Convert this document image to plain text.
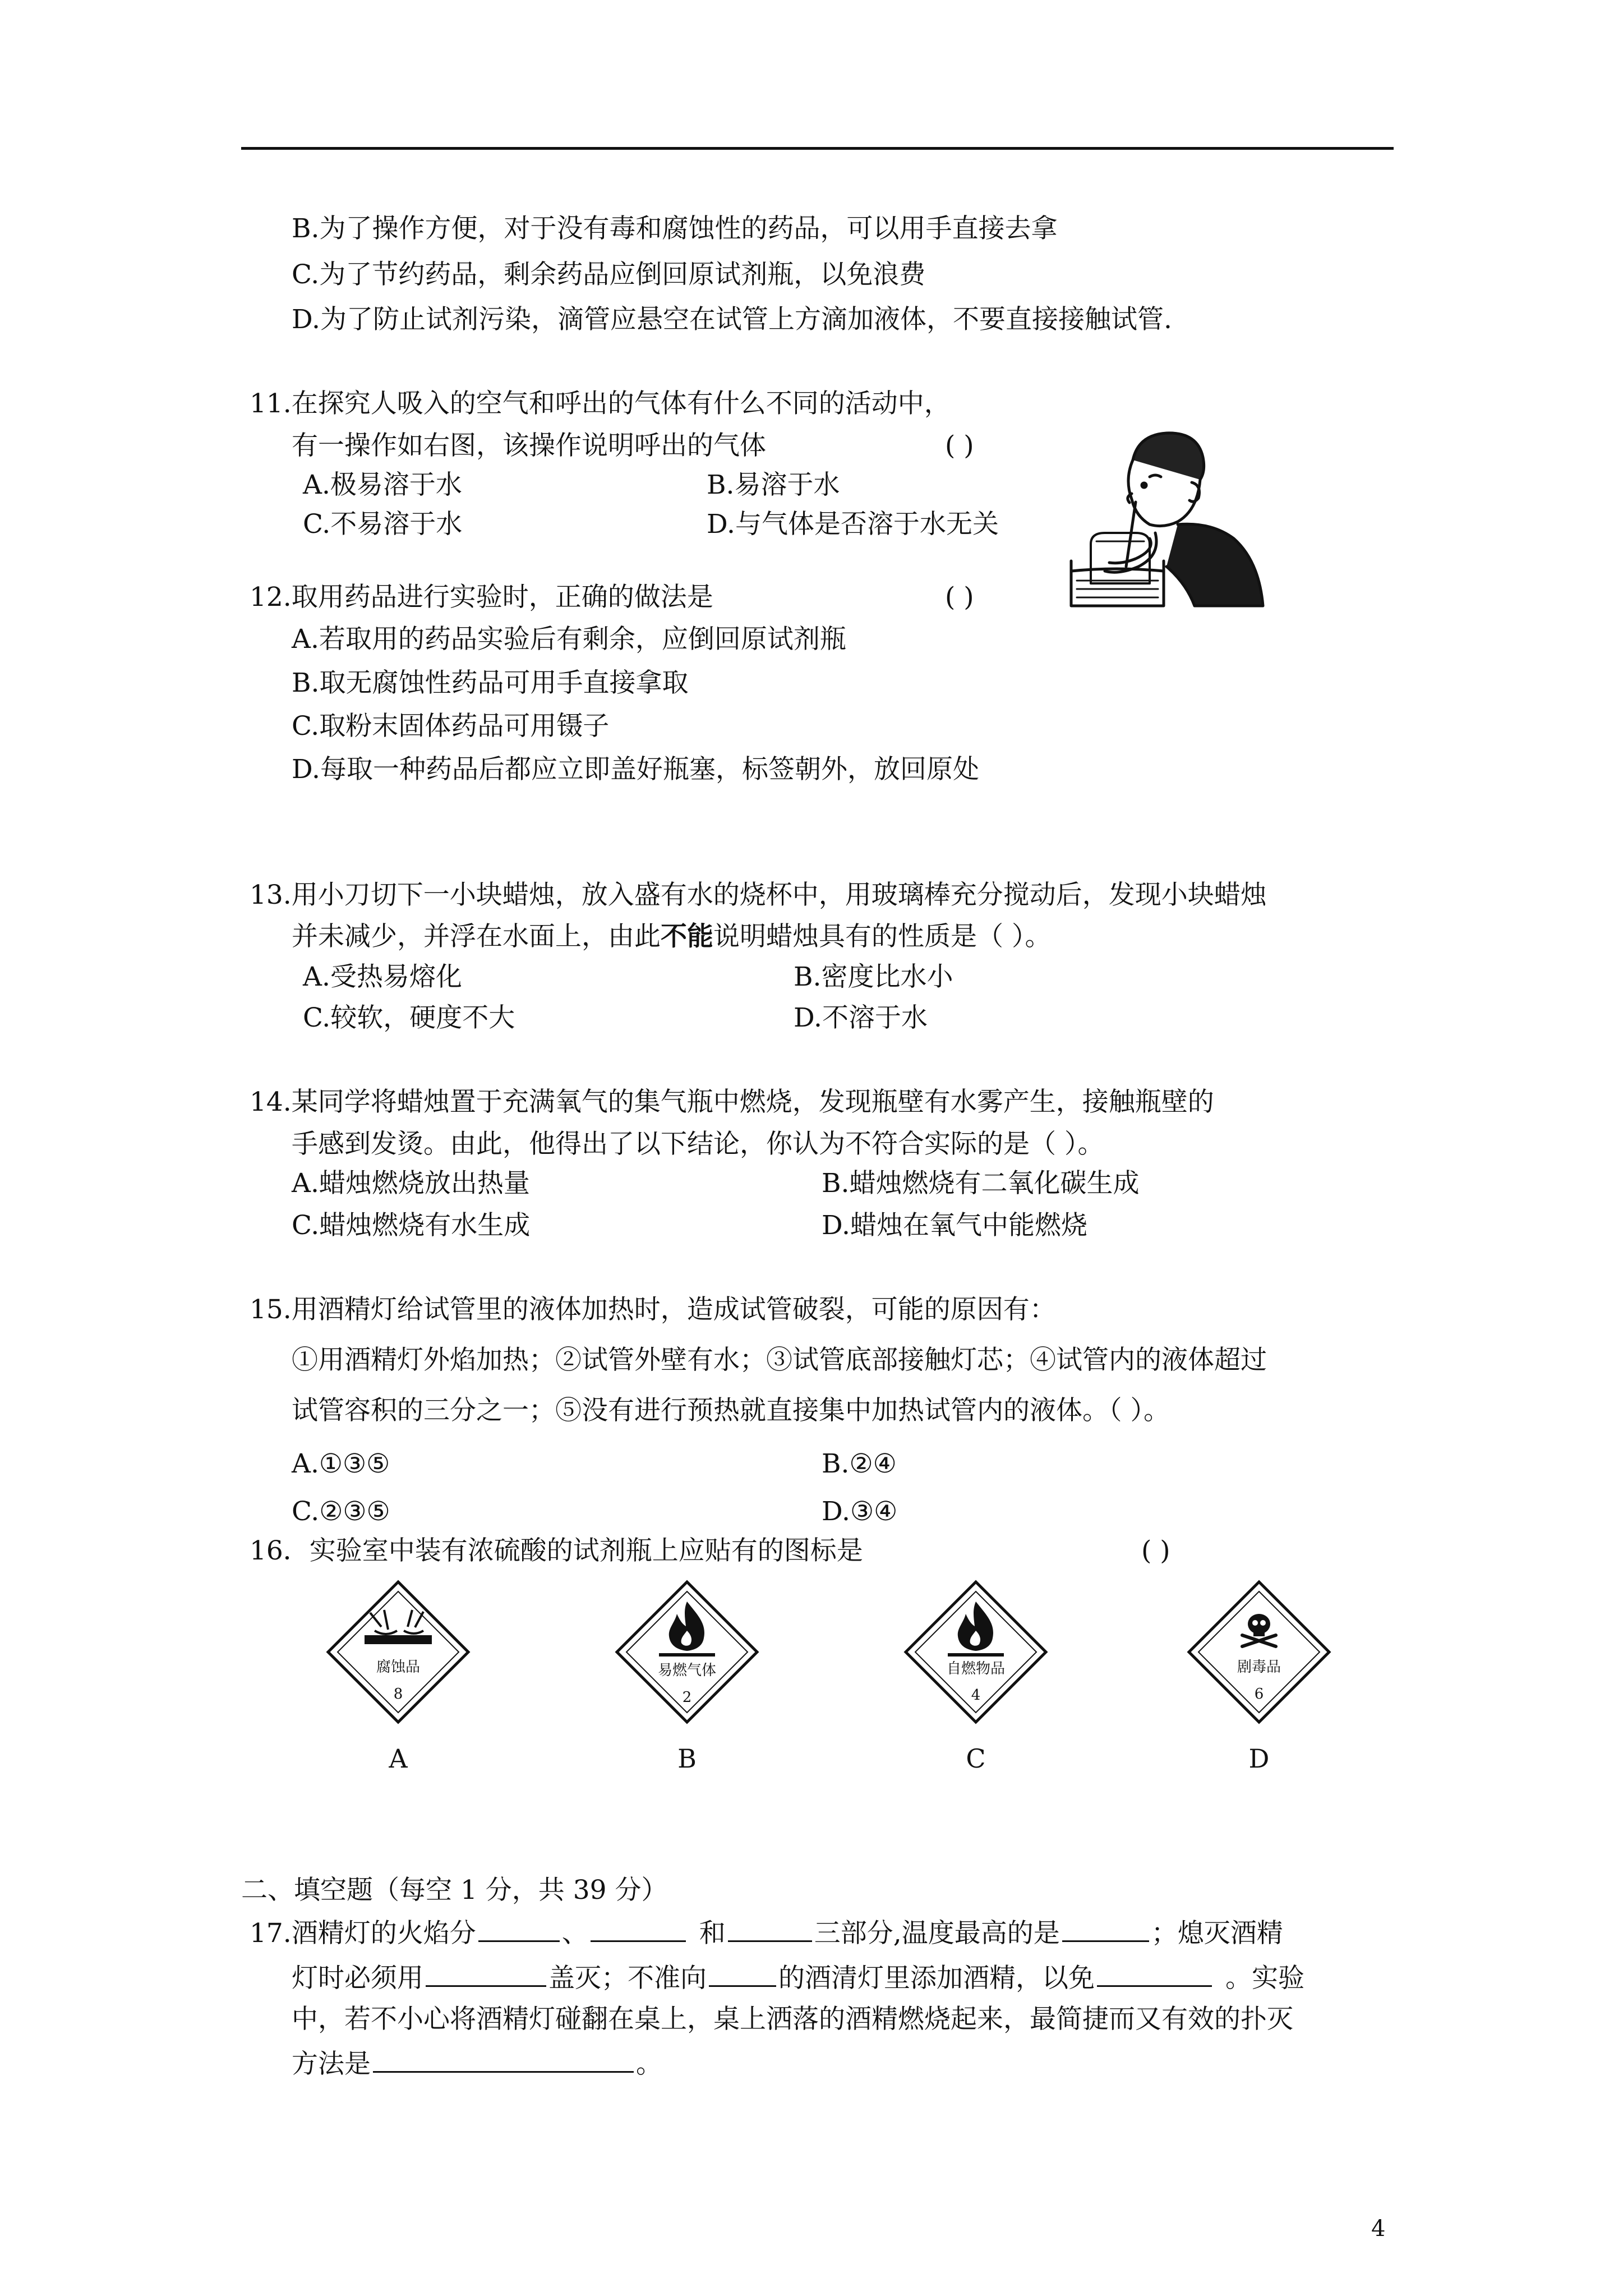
B.为了操作方便，对于没有毒和腐蚀性的药品，可以用手直接去拿
C.为了节约药品，剩余药品应倒回原试剂瓶，以免浪费
D.为了防止试剂污染，滴管应悬空在试管上方滴加液体，不要直接接触试管.
11.在探究人吸入的空气和呼出的气体有什么不同的活动中，
有一操作如右图，该操作说明呼出的气体	( )
A.极易溶于水	B.易溶于水
C.不易溶于水	D.与气体是否溶于水无关
12.取用药品进行实验时，正确的做法是	( )
A.若取用的药品实验后有剩余，应倒回原试剂瓶
B.取无腐蚀性药品可用手直接拿取
C.取粉末固体药品可用镊子
D.每取一种药品后都应立即盖好瓶塞，标签朝外，放回原处
13.用小刀切下一小块蜡烛，放入盛有水的烧杯中，用玻璃棒充分搅动后，发现小块蜡烛
并未减少，并浮在水面上，由此不能说明蜡烛具有的性质是（ ）。
A.受热易熔化	B.密度比水小
C.较软，硬度不大	D.不溶于水
14.某同学将蜡烛置于充满氧气的集气瓶中燃烧，发现瓶壁有水雾产生，接触瓶壁的
手感到发烫。由此，他得出了以下结论，你认为不符合实际的是（ ）。
A.蜡烛燃烧放出热量	B.蜡烛燃烧有二氧化碳生成
C.蜡烛燃烧有水生成	D.蜡烛在氧气中能燃烧
15.用酒精灯给试管里的液体加热时，造成试管破裂，可能的原因有：
①用酒精灯外焰加热；②试管外壁有水；③试管底部接触灯芯；④试管内的液体超过
试管容积的三分之一；⑤没有进行预热就直接集中加热试管内的液体。（ ）。
A.①③⑤	B.②④
C.②③⑤	D.③④
16．实验室中装有浓硫酸的试剂瓶上应贴有的图标是	( )
腐蚀品
8
A
易燃气体
2
B
自燃物品
4
C
剧毒品
6
D
二、填空题（每空 1 分，共 39 分）
17.酒精灯的火焰分	、	和	三部分,温度最高的是	；熄灭酒精
灯时必须用	盖灭；不准向	的酒清灯里添加酒精，以免	。实验
中，若不小心将酒精灯碰翻在桌上，桌上洒落的酒精燃烧起来，最简捷而又有效的扑灭
方法是	。
4
